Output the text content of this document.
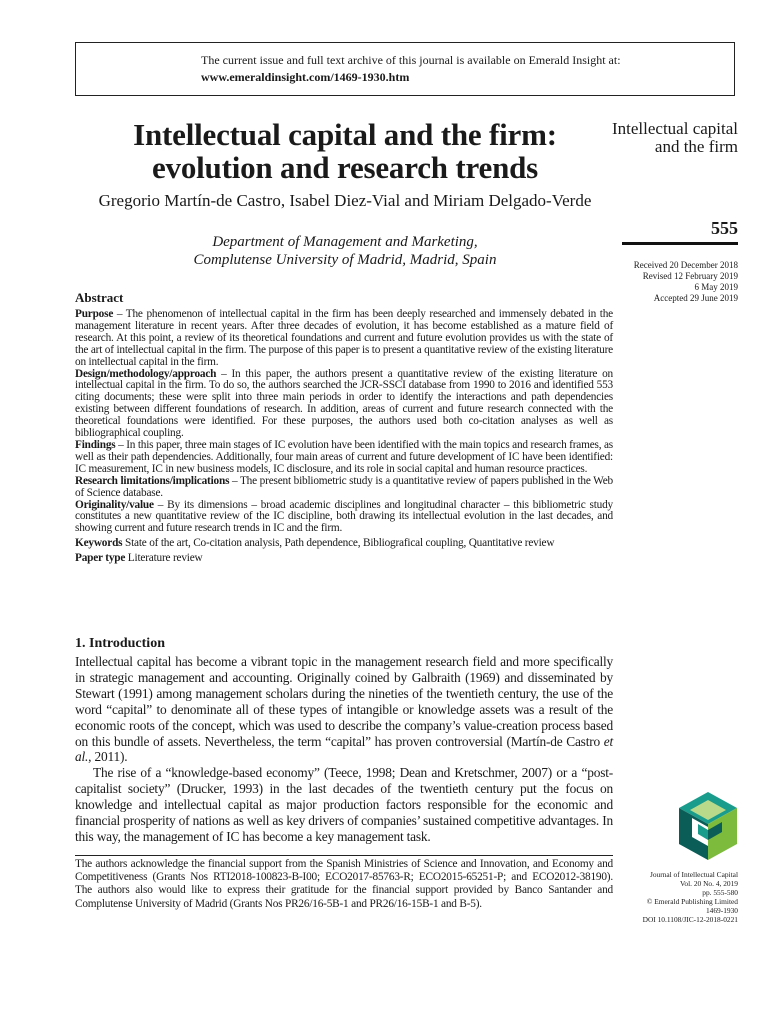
The current issue and full text archive of this journal is available on Emerald Insight at:
www.emeraldinsight.com/1469-1930.htm
Intellectual capital and the firm: evolution and research trends
Gregorio Martín-de Castro, Isabel Diez-Vial and Miriam Delgado-Verde
Department of Management and Marketing,
Complutense University of Madrid, Madrid, Spain
Intellectual capital and the firm
555
Received 20 December 2018
Revised 12 February 2019
6 May 2019
Accepted 29 June 2019
Abstract

Purpose – The phenomenon of intellectual capital in the firm has been deeply researched and immensely debated in the management literature in recent years. After three decades of evolution, it has become established as a mature field of research. At this point, a review of its theoretical foundations and current and future evolution provides us with the state of the art of intellectual capital in the firm. The purpose of this paper is to present a quantitative review of the existing literature on intellectual capital in the firm.

Design/methodology/approach – In this paper, the authors present a quantitative review of the existing literature on intellectual capital in the firm. To do so, the authors searched the JCR-SSCI database from 1990 to 2016 and identified 553 citing documents; these were split into three main periods in order to identify the interactions and path dependencies existing between different foundations of research. In addition, areas of current and future research connected with the theoretical foundations were identified. For these purposes, the authors used both co-citation analyses as well as bibliographical coupling.

Findings – In this paper, three main stages of IC evolution have been identified with the main topics and research frames, as well as their path dependencies. Additionally, four main areas of current and future development of IC have been identified: IC measurement, IC in new business models, IC disclosure, and its role in social capital and human resource practices.

Research limitations/implications – The present bibliometric study is a quantitative review of papers published in the Web of Science database.

Originality/value – By its dimensions – broad academic disciplines and longitudinal character – this bibliometric study constitutes a new quantitative review of the IC discipline, both drawing its intellectual evolution in the last decades, and showing current and future research trends in IC and the firm.

Keywords State of the art, Co-citation analysis, Path dependence, Bibliografical coupling, Quantitative review

Paper type Literature review

1. Introduction

Intellectual capital has become a vibrant topic in the management research field and more specifically in strategic management and accounting. Originally coined by Galbraith (1969) and disseminated by Stewart (1991) among management scholars during the nineties of the twentieth century, the use of the word “capital” to denominate all of these types of intangible or knowledge assets was a result of the economic roots of the concept, which was used to describe the company’s value-creation process based on this bundle of assets. Nevertheless, the term “capital” has proven controversial (Martín-de Castro et al., 2011).

The rise of a “knowledge-based economy” (Teece, 1998; Dean and Kretschmer, 2007) or a “post-capitalist society” (Drucker, 1993) in the last decades of the twentieth century put the focus on knowledge and intellectual capital as major production factors responsible for the economic and financial prosperity of nations as well as key drivers of companies’ sustained competitive advantages. In this way, the management of IC has become a key management task.

The authors acknowledge the financial support from the Spanish Ministries of Science and Innovation, and Economy and Competitiveness (Grants Nos RTI2018-100823-B-I00; ECO2017-85763-R; ECO2015-65251-P; and ECO2012-38190). The authors also would like to express their gratitude for the financial support provided by Banco Santander and Complutense University of Madrid (Grants Nos PR26/16-5B-1 and PR26/16-15B-1 and B-5).
Journal of Intellectual Capital
Vol. 20 No. 4, 2019
pp. 555-580
© Emerald Publishing Limited
1469-1930
DOI 10.1108/JIC-12-2018-0221
